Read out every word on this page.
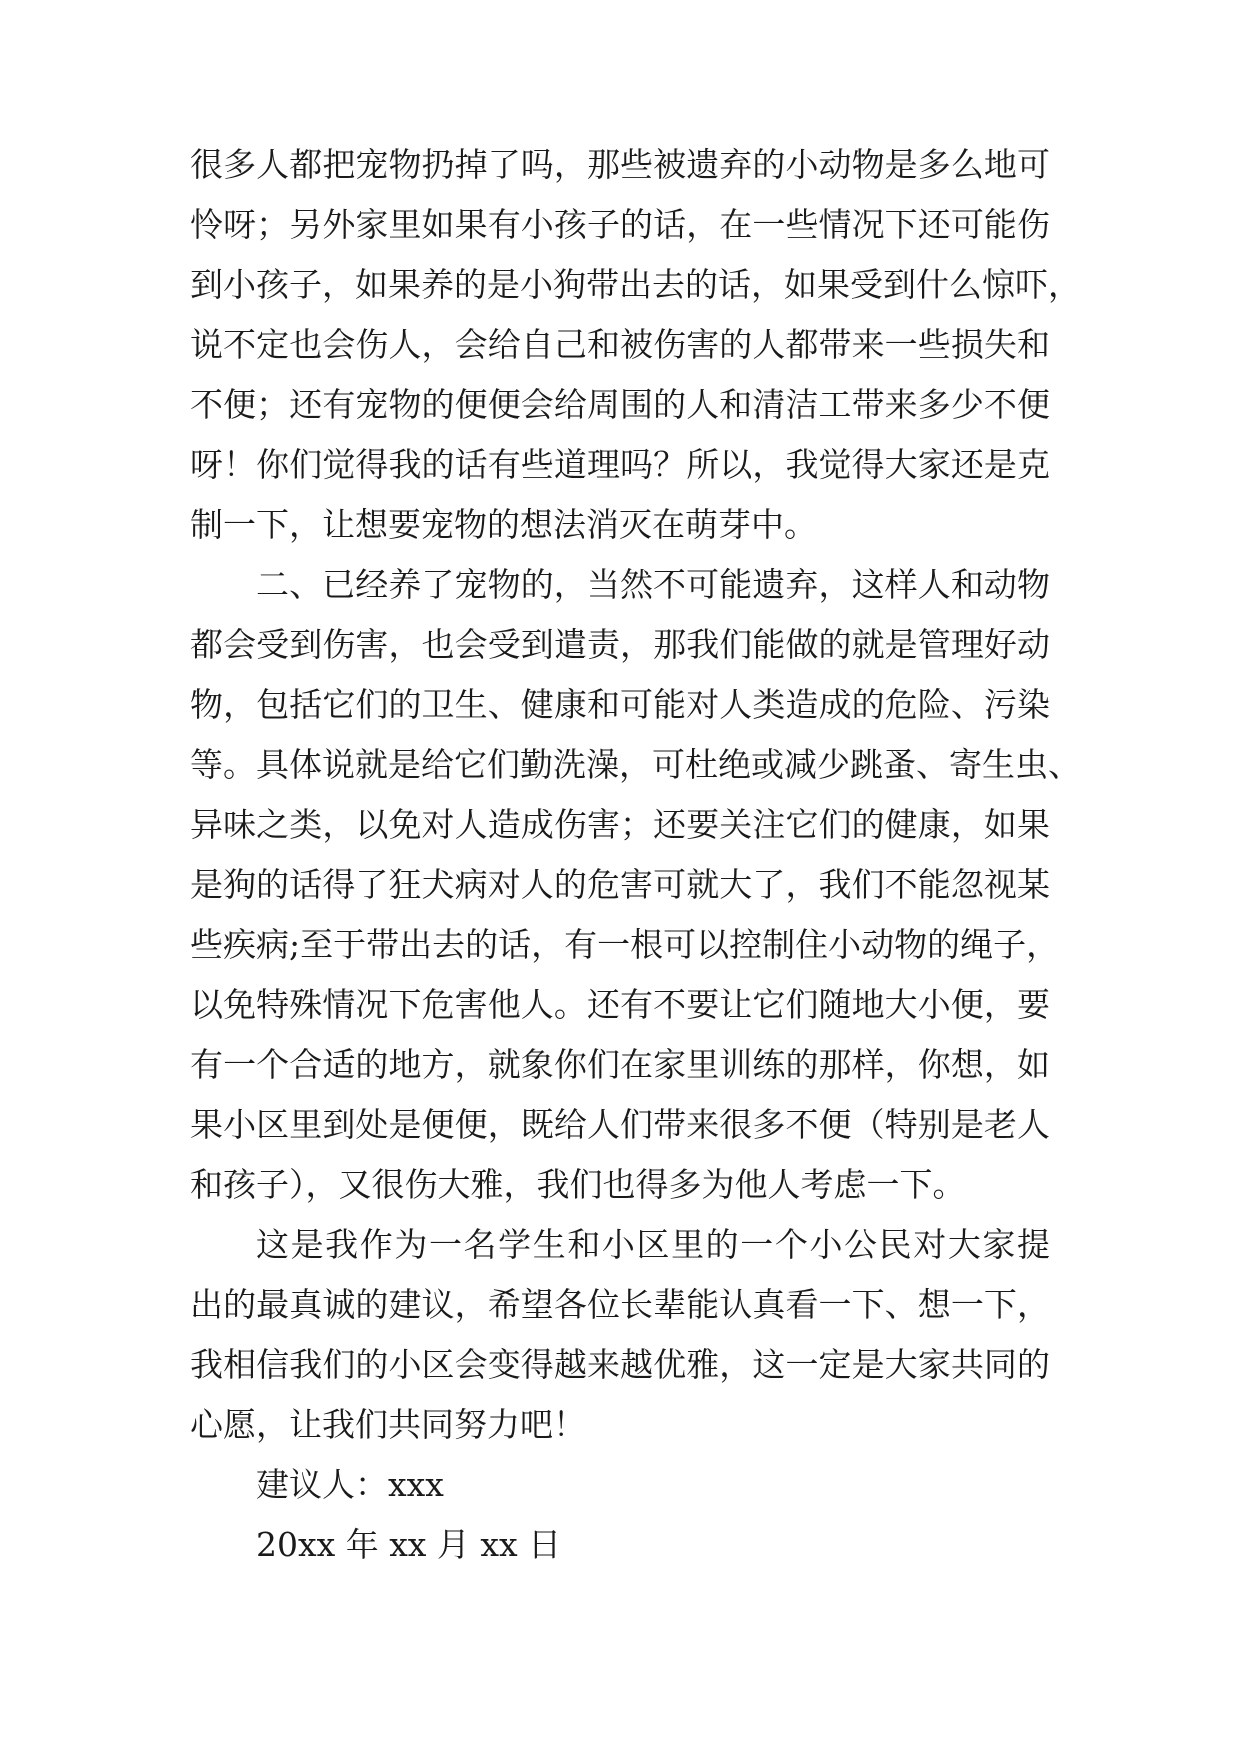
很多人都把宠物扔掉了吗，那些被遗弃的小动物是多么地可
怜呀；另外家里如果有小孩子的话，在一些情况下还可能伤
到小孩子，如果养的是小狗带出去的话，如果受到什么惊吓，
说不定也会伤人，会给自己和被伤害的人都带来一些损失和
不便；还有宠物的便便会给周围的人和清洁工带来多少不便
呀！你们觉得我的话有些道理吗？所以，我觉得大家还是克
制一下，让想要宠物的想法消灭在萌芽中。
二、已经养了宠物的，当然不可能遗弃，这样人和动物
都会受到伤害，也会受到遣责，那我们能做的就是管理好动
物，包括它们的卫生、健康和可能对人类造成的危险、污染
等。具体说就是给它们勤洗澡，可杜绝或减少跳蚤、寄生虫、
异味之类，以免对人造成伤害；还要关注它们的健康，如果
是狗的话得了狂犬病对人的危害可就大了，我们不能忽视某
些疾病;至于带出去的话，有一根可以控制住小动物的绳子，
以免特殊情况下危害他人。还有不要让它们随地大小便，要
有一个合适的地方，就象你们在家里训练的那样，你想，如
果小区里到处是便便，既给人们带来很多不便（特别是老人
和孩子），又很伤大雅，我们也得多为他人考虑一下。
这是我作为一名学生和小区里的一个小公民对大家提
出的最真诚的建议，希望各位长辈能认真看一下、想一下，
我相信我们的小区会变得越来越优雅，这一定是大家共同的
心愿，让我们共同努力吧！
建议人：xxx
20xx 年 xx 月 xx 日
